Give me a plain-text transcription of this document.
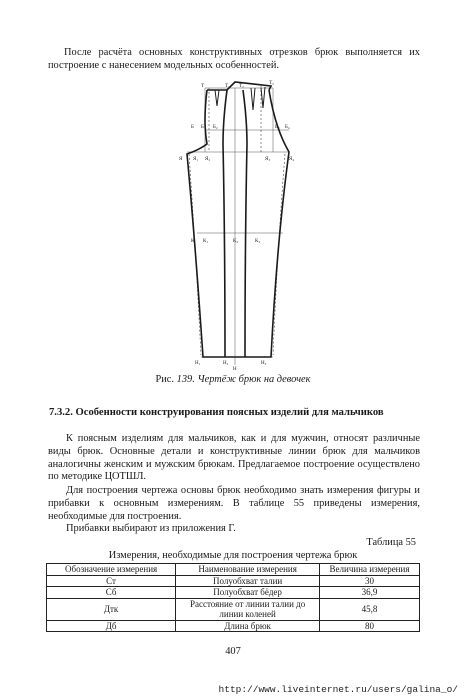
После расчёта основных конструктивных отрезков брюк выполняется их построение с нанесением модельных особенностей.

Т	Т₁ Т₂
Т₃
Б Б₁ Б₂	Б₃ Б₄
Я Я₁ Я₂	Я₃	Я₄
К К₁	К₂	К₃
Н
Н₁	Н₂	Н₃

Рис. 139. Чертёж брюк на девочек

7.3.2. Особенности конструирования поясных изделий для мальчиков

К поясным изделиям для мальчиков, как и для мужчин, относят различные виды брюк. Основные детали и конструктивные линии брюк для мальчиков аналогичны женским и мужским брюкам. Предлагаемое построение осуществлено по методике ЦОТШЛ.

Для построения чертежа основы брюк необходимо знать измерения фигуры и прибавки к основным измерениям. В таблице 55 приведены измерения, необходимые для построения.

Прибавки выбирают из приложения Г.

Таблица 55

Измерения, необходимые для построения чертежа брюк

Обозначение измерения	Наименование измерения	Величина измерения
Ст	Полуобхват талии	30
Сб	Полуобхват бёдер	36,9
Дтк	Расстояние от линии талии до линии коленей	45,8
Дб	Длина брюк	80

407

http://www.liveinternet.ru/users/galina_o/
